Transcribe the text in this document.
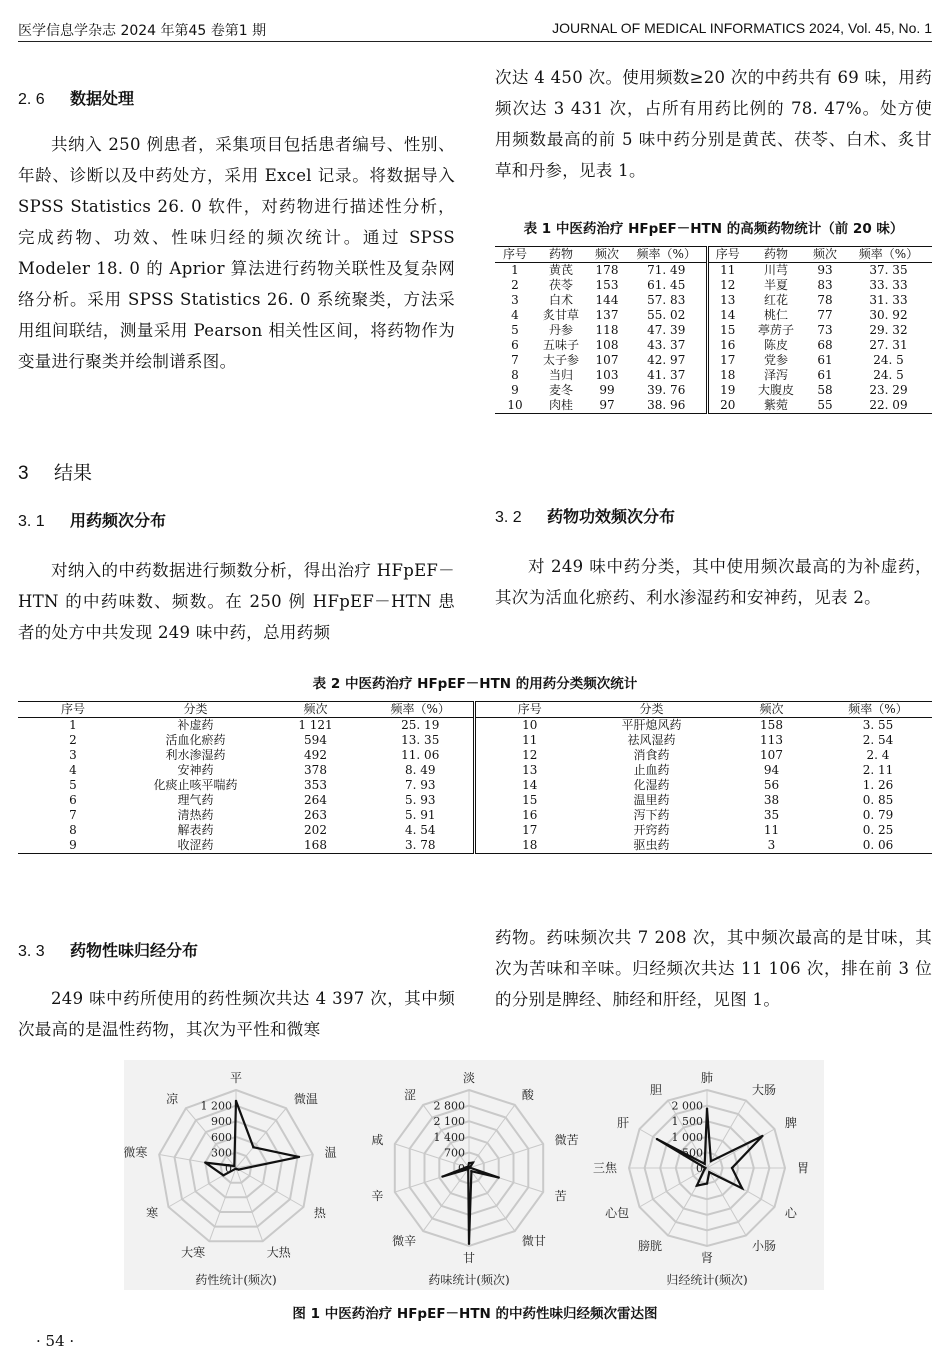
医学信息学杂志 2024 年第45 卷第1 期	JOURNAL OF MEDICAL INFORMATICS 2024, Vol. 45, No. 1
2. 6 数据处理

共纳入 250 例患者，采集项目包括患者编号、性别、年龄、诊断以及中药处方，采用 Excel 记录。将数据导入 SPSS Statistics 26. 0 软件，对药物进行描述性分析，完成药物、功效、性味归经的频次统计。通过 SPSS Modeler 18. 0 的 Aprior 算法进行药物关联性及复杂网络分析。采用 SPSS Statistics 26. 0 系统聚类，方法采用组间联结，测量采用 Pearson 相关性区间，将药物作为变量进行聚类并绘制谱系图。

3 结果
3. 1 用药频次分布

对纳入的中药数据进行频数分析，得出治疗 HFpEF－HTN 的中药味数、频数。在 250 例 HFpEF－HTN 患者的处方中共发现 249 味中药，总用药频

次达 4 450 次。使用频数≥20 次的中药共有 69 味，用药频次达 3 431 次，占所有用药比例的 78. 47%。处方使用频数最高的前 5 味中药分别是黄芪、茯苓、白术、炙甘草和丹参，见表 1。

表 1 中医药治疗 HFpEF－HTN 的高频药物统计（前 20 味）
序号	药物	频次	频率（%）	序号	药物	频次	频率（%）
1	黄芪	178	71. 49	11	川芎	93	37. 35
2	茯苓	153	61. 45	12	半夏	83	33. 33
3	白术	144	57. 83	13	红花	78	31. 33
4	炙甘草	137	55. 02	14	桃仁	77	30. 92
5	丹参	118	47. 39	15	葶苈子	73	29. 32
6	五味子	108	43. 37	16	陈皮	68	27. 31
7	太子参	107	42. 97	17	党参	61	24. 5
8	当归	103	41. 37	18	泽泻	61	24. 5
9	麦冬	99	39. 76	19	大腹皮	58	23. 29
10	肉桂	97	38. 96	20	紫菀	55	22. 09
3. 2 药物功效频次分布

对 249 味中药分类，其中使用频次最高的为补虚药，其次为活血化瘀药、利水渗湿药和安神药，见表 2。

表 2 中医药治疗 HFpEF－HTN 的用药分类频次统计
序号	分类	频次	频率（%）	序号	分类	频次	频率（%）
1	补虚药	1 121	25. 19	10	平肝熄风药	158	3. 55
2	活血化瘀药	594	13. 35	11	祛风湿药	113	2. 54
3	利水渗湿药	492	11. 06	12	消食药	107	2. 4
4	安神药	378	8. 49	13	止血药	94	2. 11
5	化痰止咳平喘药	353	7. 93	14	化湿药	56	1. 26
6	理气药	264	5. 93	15	温里药	38	0. 85
7	清热药	263	5. 91	16	泻下药	35	0. 79
8	解表药	202	4. 54	17	开窍药	11	0. 25
9	收涩药	168	3. 78	18	驱虫药	3	0. 06
3. 3 药物性味归经分布

249 味中药所使用的药性频次共达 4 397 次，其中频次最高的是温性药物，其次为平性和微寒

药物。药味频次共 7 208 次，其中频次最高的是甘味，其次为苦味和辛味。归经频次共达 11 106 次，排在前 3 位的分别是脾经、肺经和肝经，见图 1。

0
300
600
900
1 200
平
微温
温
热
大热
大寒
寒
微寒
凉
药性统计(频次)
0
700
1 400
2 100
2 800
淡
酸
微苦
苦
微甘
甘
微辛
辛
咸
涩
药味统计(频次)
0
500
1 000
1 500
2 000
肺
大肠
脾
胃
心
小肠
肾
膀胱
心包
三焦
肝
胆
归经统计(频次)
图 1 中医药治疗 HFpEF－HTN 的中药性味归经频次雷达图
· 54 ·
